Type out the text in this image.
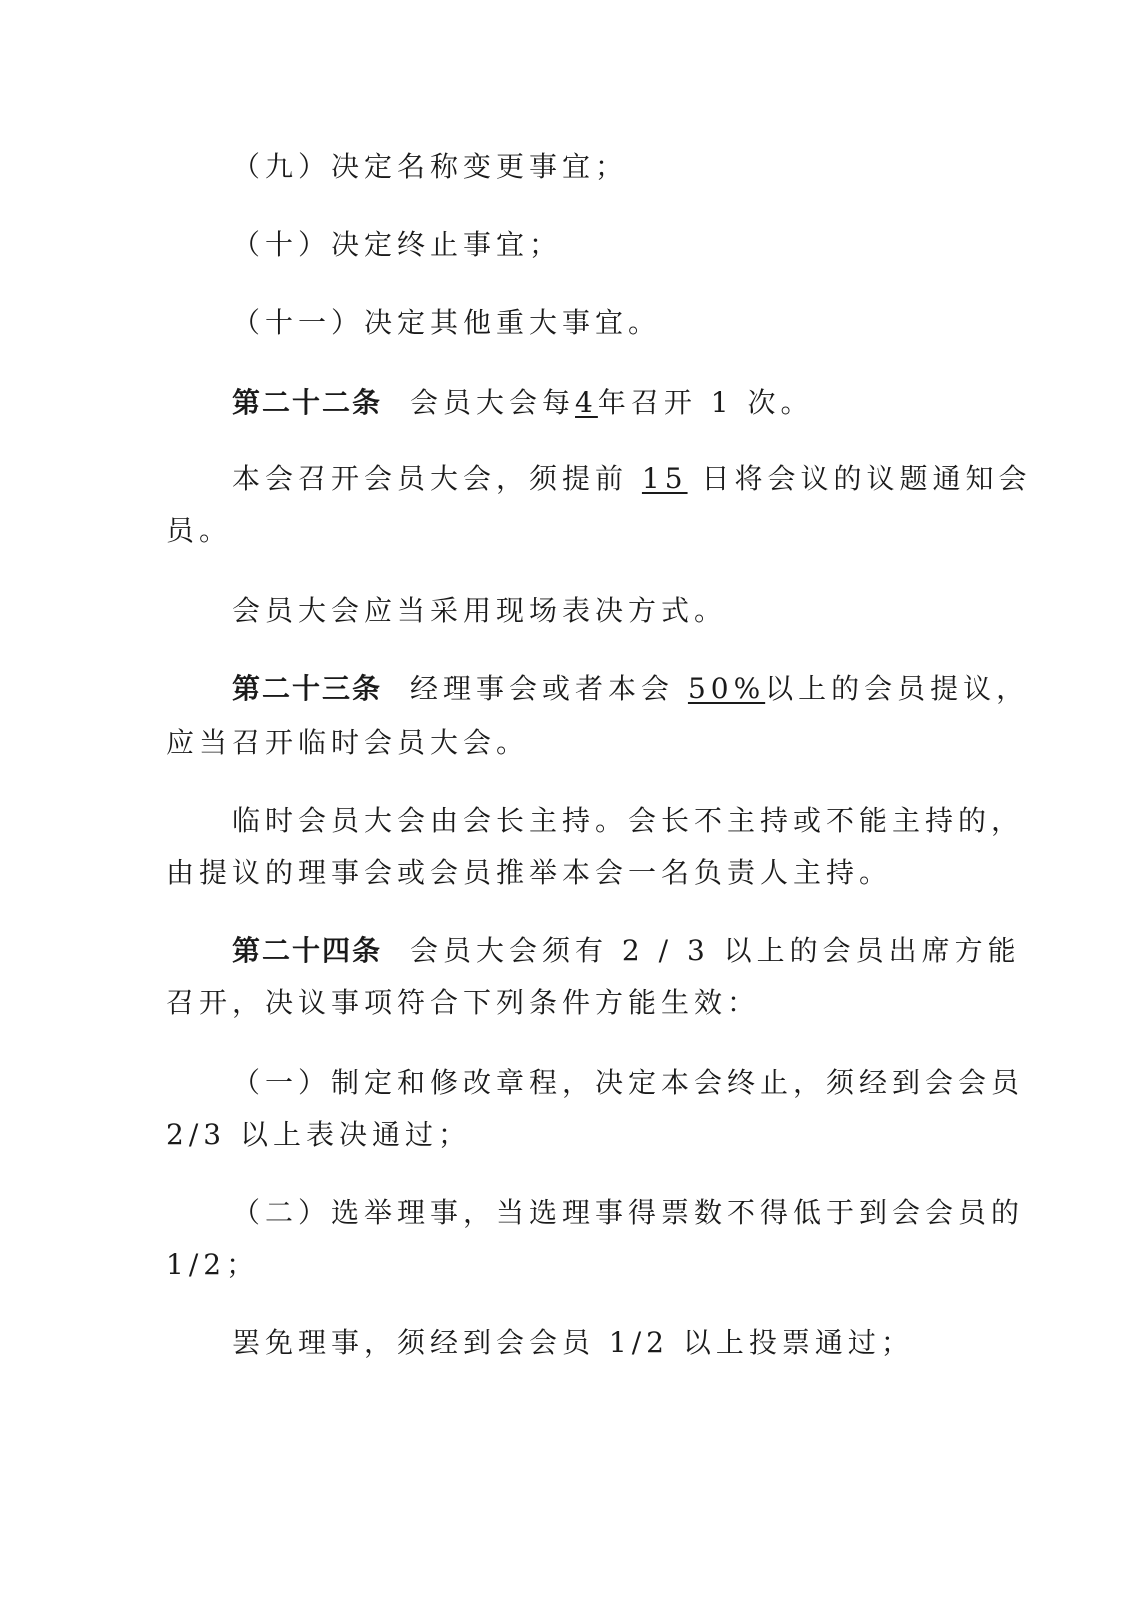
（九）决定名称变更事宜；
（十）决定终止事宜；
（十一）决定其他重大事宜。
第二十二条 会员大会每4年召开 1 次。
本会召开会员大会，须提前 15 日将会议的议题通知会
员。
会员大会应当采用现场表决方式。
第二十三条 经理事会或者本会 50%以上的会员提议，
应当召开临时会员大会。
临时会员大会由会长主持。会长不主持或不能主持的，
由提议的理事会或会员推举本会一名负责人主持。
第二十四条 会员大会须有 2 / 3 以上的会员出席方能
召开，决议事项符合下列条件方能生效：
（一）制定和修改章程，决定本会终止，须经到会会员
2/3 以上表决通过；
（二）选举理事，当选理事得票数不得低于到会会员的
1/2；
罢免理事，须经到会会员 1/2 以上投票通过；
